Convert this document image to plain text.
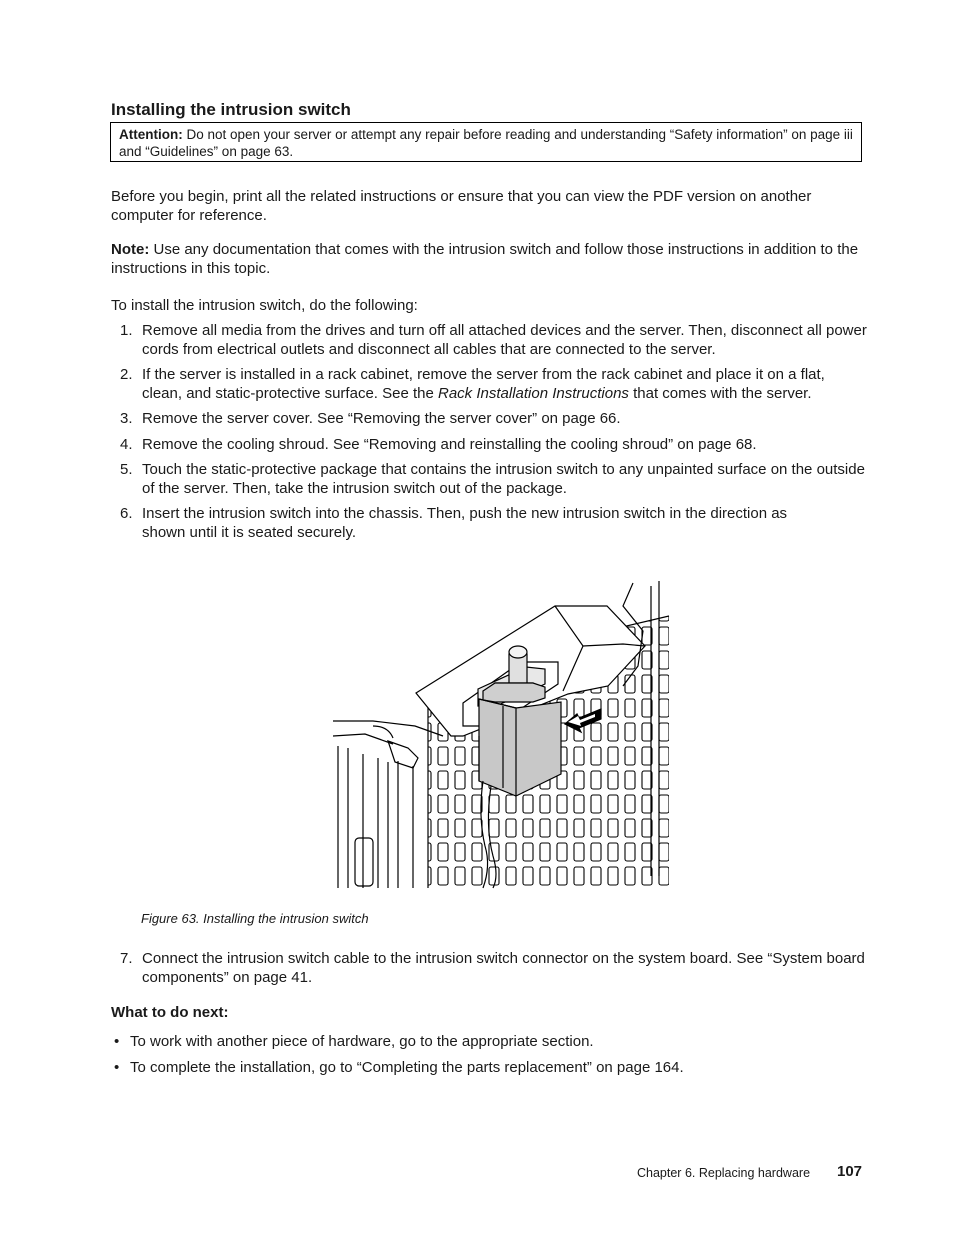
Installing the intrusion switch
Attention: Do not open your server or attempt any repair before reading and understanding “Safety information” on page iii and “Guidelines” on page 63.

Before you begin, print all the related instructions or ensure that you can view the PDF version on another computer for reference.

Note: Use any documentation that comes with the intrusion switch and follow those instructions in addition to the instructions in this topic.

To install the intrusion switch, do the following:

1. Remove all media from the drives and turn off all attached devices and the server. Then, disconnect all power cords from electrical outlets and disconnect all cables that are connected to the server.
2. If the server is installed in a rack cabinet, remove the server from the rack cabinet and place it on a flat, clean, and static-protective surface. See the Rack Installation Instructions that comes with the server.
3. Remove the server cover. See “Removing the server cover” on page 66.
4. Remove the cooling shroud. See “Removing and reinstalling the cooling shroud” on page 68.
5. Touch the static-protective package that contains the intrusion switch to any unpainted surface on the outside of the server. Then, take the intrusion switch out of the package.
6. Insert the intrusion switch into the chassis. Then, push the new intrusion switch in the direction as shown until it is seated securely.
Figure 63. Installing the intrusion switch
7. Connect the intrusion switch cable to the intrusion switch connector on the system board. See “System board components” on page 41.
What to do next:
• To work with another piece of hardware, go to the appropriate section.
• To complete the installation, go to “Completing the parts replacement” on page 164.
Chapter 6. Replacing hardware 107
